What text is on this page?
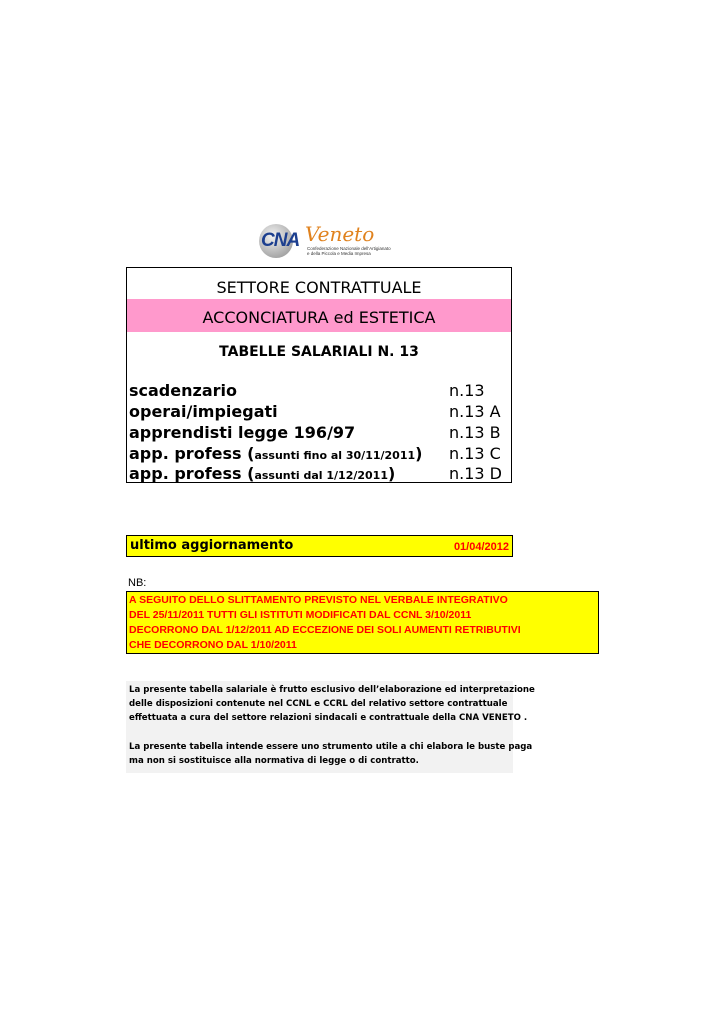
CNA Veneto
Confederazione Nazionale dell'Artigianato e della Piccola e Media Impresa
SETTORE CONTRATTUALE
ACCONCIATURA ed ESTETICA
TABELLE SALARIALI N. 13
scadenzario	n.13
operai/impiegati	n.13 A
apprendisti legge 196/97	n.13 B
app. profess (assunti fino al 30/11/2011) n.13 C
app. profess (assunti dal 1/12/2011)	n.13 D
ultimo aggiornamento	01/04/2012
NB:
A SEGUITO DELLO SLITTAMENTO PREVISTO NEL VERBALE INTEGRATIVO
DEL 25/11/2011 TUTTI GLI ISTITUTI MODIFICATI DAL CCNL 3/10/2011
DECORRONO DAL 1/12/2011 AD ECCEZIONE DEI SOLI AUMENTI RETRIBUTIVI
CHE DECORRONO DAL 1/10/2011
La presente tabella salariale è frutto esclusivo dell’elaborazione ed interpretazione
delle disposizioni contenute nel CCNL e CCRL del relativo settore contrattuale
effettuata a cura del settore relazioni sindacali e contrattuale della CNA VENETO .
La presente tabella intende essere uno strumento utile a chi elabora le buste paga
ma non si sostituisce alla normativa di legge o di contratto.
